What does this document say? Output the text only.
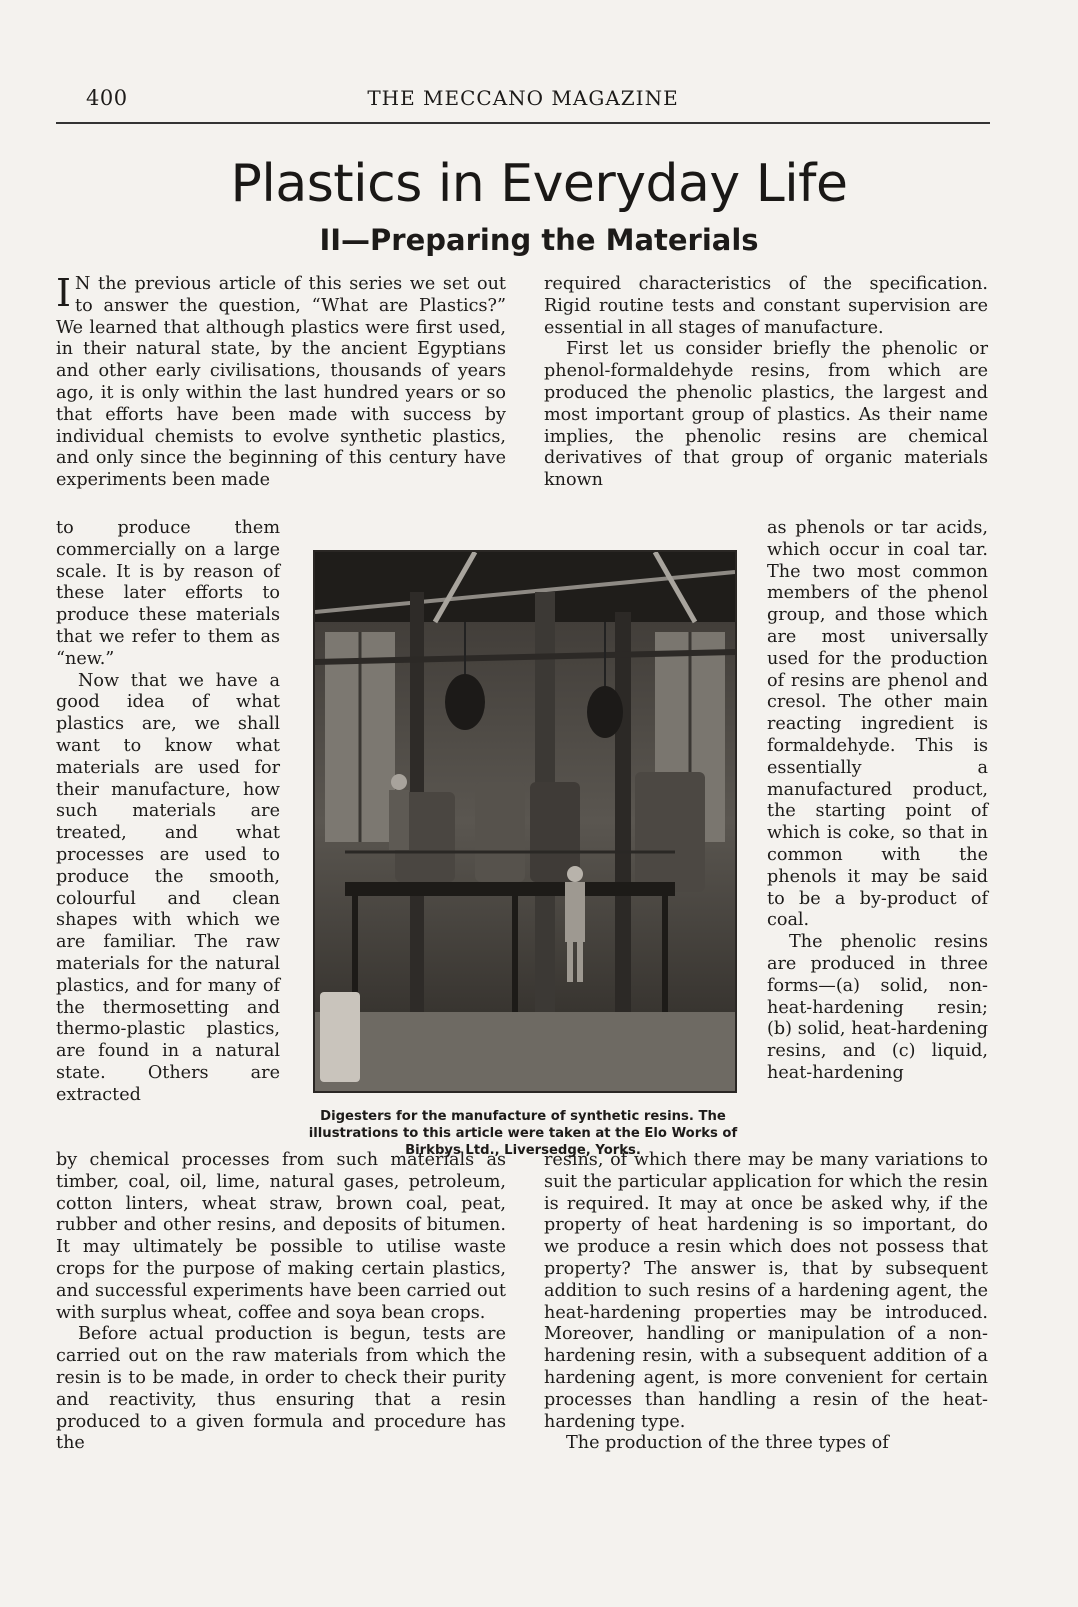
400	THE MECCANO MAGAZINE
Plastics in Everyday Life
II—Preparing the Materials

I N the previous article of this series we set out to answer the question, “What are Plastics?” We learned that although plastics were first used, in their natural state, by the ancient Egyptians and other early civilisations, thousands of years ago, it is only within the last hundred years or so that efforts have been made with success by individual chemists to evolve synthetic plastics, and only since the beginning of this century have experiments been made

to produce them commercially on a large scale. It is by reason of these later efforts to produce these materials that we refer to them as “new.”

Now that we have a good idea of what plastics are, we shall want to know what materials are used for their manufacture, how such materials are treated, and what processes are used to produce the smooth, colourful and clean shapes with which we are familiar. The raw materials for the natural plastics, and for many of the thermosetting and thermo-plastic plastics, are found in a natural state. Others are extracted

Digesters for the manufacture of synthetic resins. The illustrations to this article were taken at the Elo Works of Birkbys Ltd., Liversedge, Yorks.

by chemical processes from such materials as timber, coal, oil, lime, natural gases, petroleum, cotton linters, wheat straw, brown coal, peat, rubber and other resins, and deposits of bitumen. It may ultimately be possible to utilise waste crops for the purpose of making certain plastics, and successful experiments have been carried out with surplus wheat, coffee and soya bean crops.

Before actual production is begun, tests are carried out on the raw materials from which the resin is to be made, in order to check their purity and reactivity, thus ensuring that a resin produced to a given formula and procedure has the

required characteristics of the specification. Rigid routine tests and constant supervision are essential in all stages of manufacture.

First let us consider briefly the phenolic or phenol-formaldehyde resins, from which are produced the phenolic plastics, the largest and most important group of plastics. As their name implies, the phenolic resins are chemical derivatives of that group of organic materials known

as phenols or tar acids, which occur in coal tar. The two most common members of the phenol group, and those which are most universally used for the production of resins are phenol and cresol. The other main reacting ingredient is formaldehyde. This is essentially a manufactured product, the starting point of which is coke, so that in common with the phenols it may be said to be a by-product of coal.

The phenolic resins are produced in three forms—(a) solid, non-heat-hardening resin; (b) solid, heat-hardening resins, and (c) liquid, heat-hardening

resins, of which there may be many variations to suit the particular application for which the resin is required. It may at once be asked why, if the property of heat hardening is so important, do we produce a resin which does not possess that property? The answer is, that by subsequent addition to such resins of a hardening agent, the heat-hardening properties may be introduced. Moreover, handling or manipulation of a non-hardening resin, with a subsequent addition of a hardening agent, is more convenient for certain processes than handling a resin of the heat-hardening type.

The production of the three types of
